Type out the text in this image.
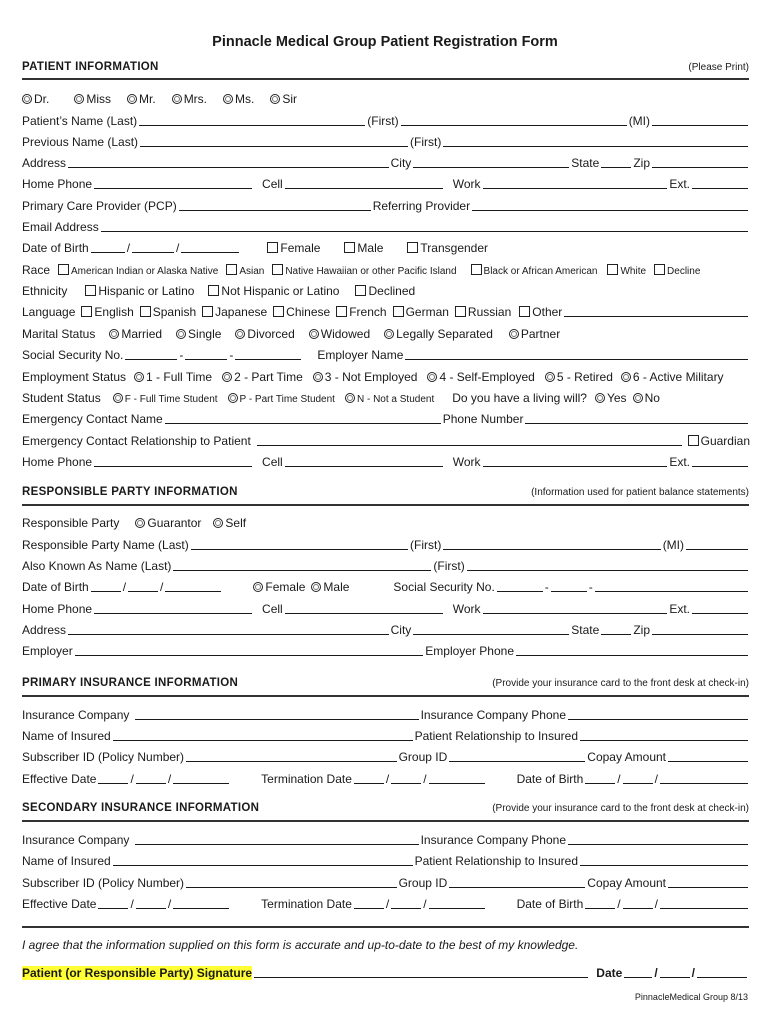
Pinnacle Medical Group Patient Registration Form
PATIENT INFORMATION	(Please Print)
Dr.	Miss Mr. Mrs. Ms. Sir
Patient’s Name (Last)	(First)	(MI)
Previous Name (Last)	(First)
Address	City	State	Zip
Home Phone	Cell	Work	Ext.
Primary Care Provider (PCP)	Referring Provider
Email Address
Date of Birth	/	/	Female	Male	Transgender
Race American Indian or Alaska Native Asian Native Hawaiian or other Pacific Island	Black or African American White Decline
Ethnicity	Hispanic or Latino Not Hispanic or Latino Declined
Language English Spanish Japanese Chinese French German Russian Other
Marital Status Married Single Divorced Widowed Legally Separated Partner
Social Security No.	-	-	Employer Name
Employment Status 1 - Full Time 2 - Part Time 3 - Not Employed 4 - Self-Employed 5 - Retired 6 - Active Military
Student Status F - Full Time Student P - Part Time Student N - Not a Student Do you have a living will? Yes No
Emergency Contact Name	Phone Number
Emergency Contact Relationship to Patient	Guardian
Home Phone	Cell	Work	Ext.
RESPONSIBLE PARTY INFORMATION	(Information used for patient balance statements)
Responsible Party Guarantor Self
Responsible Party Name (Last)	(First)	(MI)
Also Known As Name (Last)	(First)
Date of Birth	/	/	Female Male	Social Security No.	-	-
Home Phone	Cell	Work	Ext.
Address	City	State	Zip
Employer	Employer Phone
PRIMARY INSURANCE INFORMATION	(Provide your insurance card to the front desk at check-in)
Insurance Company	Insurance Company Phone
Name of Insured	Patient Relationship to Insured
Subscriber ID (Policy Number)	Group ID	Copay Amount
Effective Date	/	/	Termination Date	/	/	Date of Birth	/	/
SECONDARY INSURANCE INFORMATION	(Provide your insurance card to the front desk at check-in)
Insurance Company	Insurance Company Phone
Name of Insured	Patient Relationship to Insured
Subscriber ID (Policy Number)	Group ID	Copay Amount
Effective Date	/	/	Termination Date	/	/	Date of Birth	/	/
I agree that the information supplied on this form is accurate and up-to-date to the best of my knowledge.
Patient (or Responsible Party) Signature	Date	/	/
PinnacleMedical Group 8/13
